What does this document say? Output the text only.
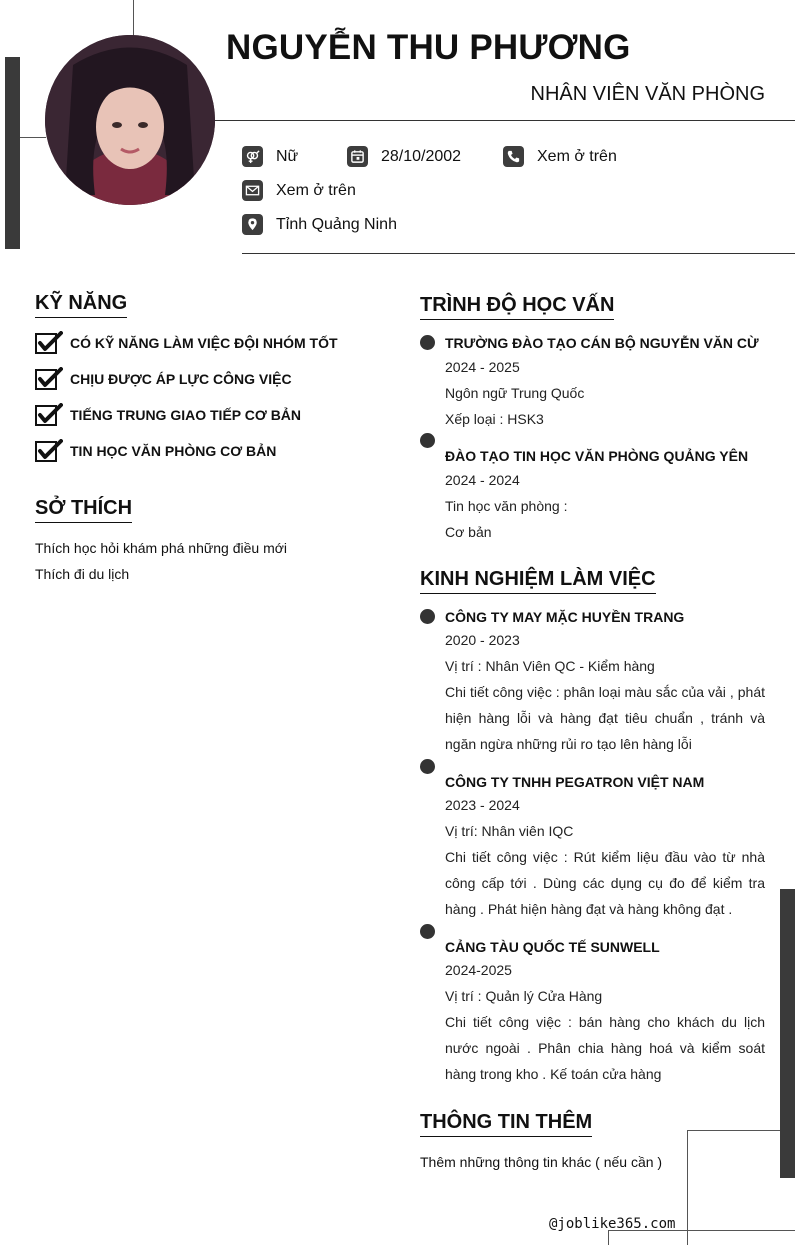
NGUYỄN THU PHƯƠNG
NHÂN VIÊN VĂN PHÒNG
Nữ	28/10/2002	Xem ở trên
Xem ở trên
Tỉnh Quảng Ninh
KỸ NĂNG
CÓ KỸ NĂNG LÀM VIỆC ĐỘI NHÓM TỐT
CHỊU ĐƯỢC ÁP LỰC CÔNG VIỆC
TIẾNG TRUNG GIAO TIẾP CƠ BẢN
TIN HỌC VĂN PHÒNG CƠ BẢN
SỞ THÍCH
Thích học hỏi khám phá những điều mới
Thích đi du lịch
TRÌNH ĐỘ HỌC VẤN
TRƯỜNG ĐÀO TẠO CÁN BỘ NGUYỄN VĂN CỪ
2024 - 2025
Ngôn ngữ Trung Quốc
Xếp loại : HSK3
ĐÀO TẠO TIN HỌC VĂN PHÒNG QUẢNG YÊN
2024 - 2024
Tin học văn phòng :
Cơ bản
KINH NGHIỆM LÀM VIỆC
CÔNG TY MAY MẶC HUYỀN TRANG
2020 - 2023
Vị trí : Nhân Viên QC - Kiểm hàng
Chi tiết công việc : phân loại màu sắc của vải , phát hiện hàng lỗi và hàng đạt tiêu chuẩn , tránh và ngăn ngừa những rủi ro tạo lên hàng lỗi
CÔNG TY TNHH PEGATRON VIỆT NAM
2023 - 2024
Vị trí: Nhân viên IQC
Chi tiết công việc : Rút kiểm liệu đầu vào từ nhà công cấp tới . Dùng các dụng cụ đo để kiểm tra hàng . Phát hiện hàng đạt và hàng không đạt .
CẢNG TÀU QUỐC TẾ SUNWELL
2024-2025
Vị trí : Quản lý Cửa Hàng
Chi tiết công việc : bán hàng cho khách du lịch nước ngoài . Phân chia hàng hoá và kiểm soát hàng trong kho . Kế toán cửa hàng
THÔNG TIN THÊM
Thêm những thông tin khác ( nếu cần )
@joblike365.com
